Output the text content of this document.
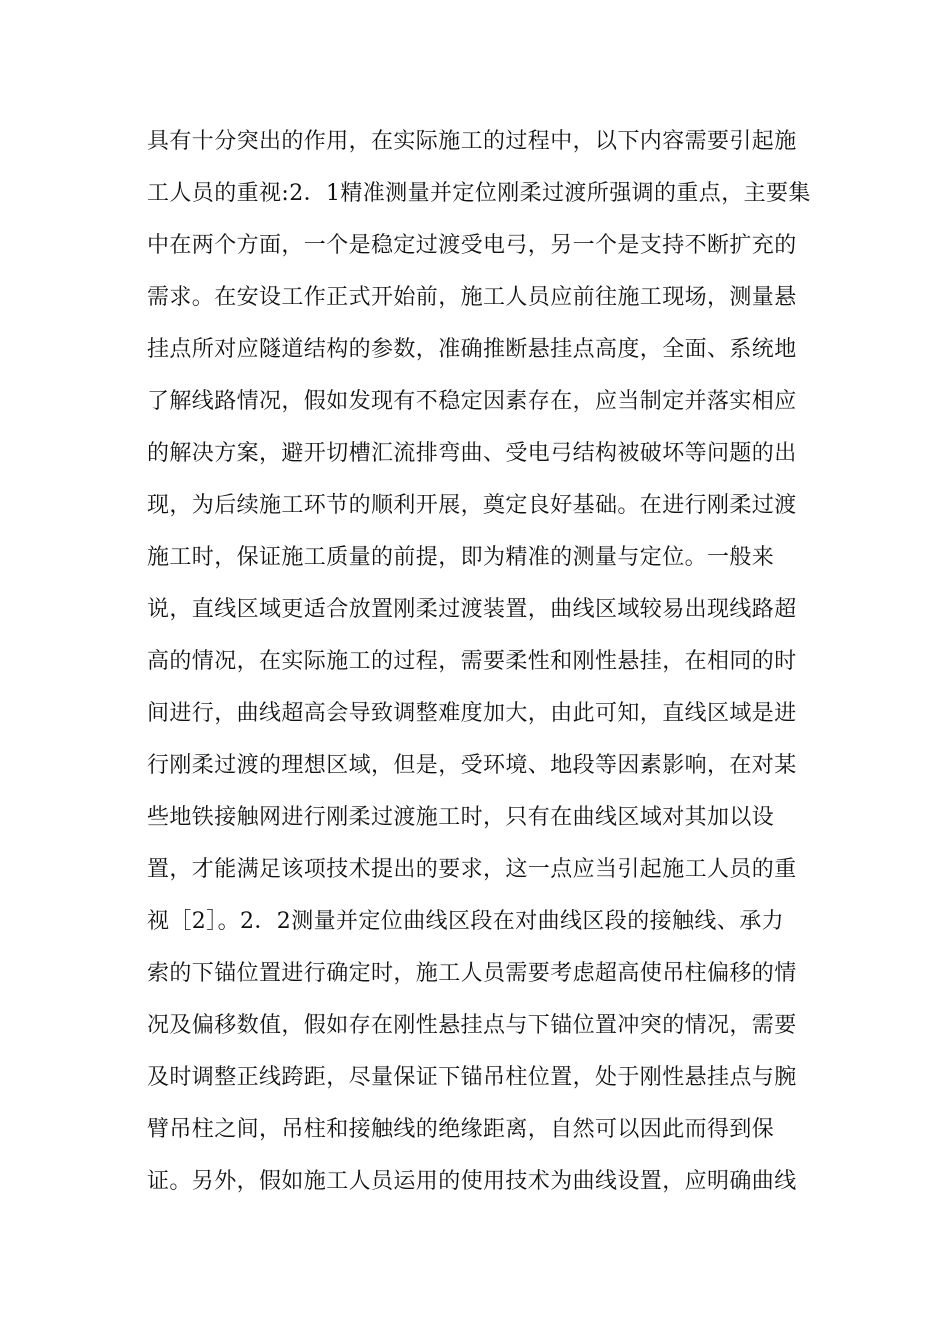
具有十分突出的作用，在实际施工的过程中，以下内容需要引起施
工人员的重视:2．1精准测量并定位刚柔过渡所强调的重点，主要集
中在两个方面，一个是稳定过渡受电弓，另一个是支持不断扩充的
需求。在安设工作正式开始前，施工人员应前往施工现场，测量悬
挂点所对应隧道结构的参数，准确推断悬挂点高度，全面、系统地
了解线路情况，假如发现有不稳定因素存在，应当制定并落实相应
的解决方案，避开切槽汇流排弯曲、受电弓结构被破坏等问题的出
现，为后续施工环节的顺利开展，奠定良好基础。在进行刚柔过渡
施工时，保证施工质量的前提，即为精准的测量与定位。一般来
说，直线区域更适合放置刚柔过渡装置，曲线区域较易出现线路超
高的情况，在实际施工的过程，需要柔性和刚性悬挂，在相同的时
间进行，曲线超高会导致调整难度加大，由此可知，直线区域是进
行刚柔过渡的理想区域，但是，受环境、地段等因素影响，在对某
些地铁接触网进行刚柔过渡施工时，只有在曲线区域对其加以设
置，才能满足该项技术提出的要求，这一点应当引起施工人员的重
视［2］。2．2测量并定位曲线区段在对曲线区段的接触线、承力
索的下锚位置进行确定时，施工人员需要考虑超高使吊柱偏移的情
况及偏移数值，假如存在刚性悬挂点与下锚位置冲突的情况，需要
及时调整正线跨距，尽量保证下锚吊柱位置，处于刚性悬挂点与腕
臂吊柱之间，吊柱和接触线的绝缘距离，自然可以因此而得到保
证。另外，假如施工人员运用的使用技术为曲线设置，应明确曲线
